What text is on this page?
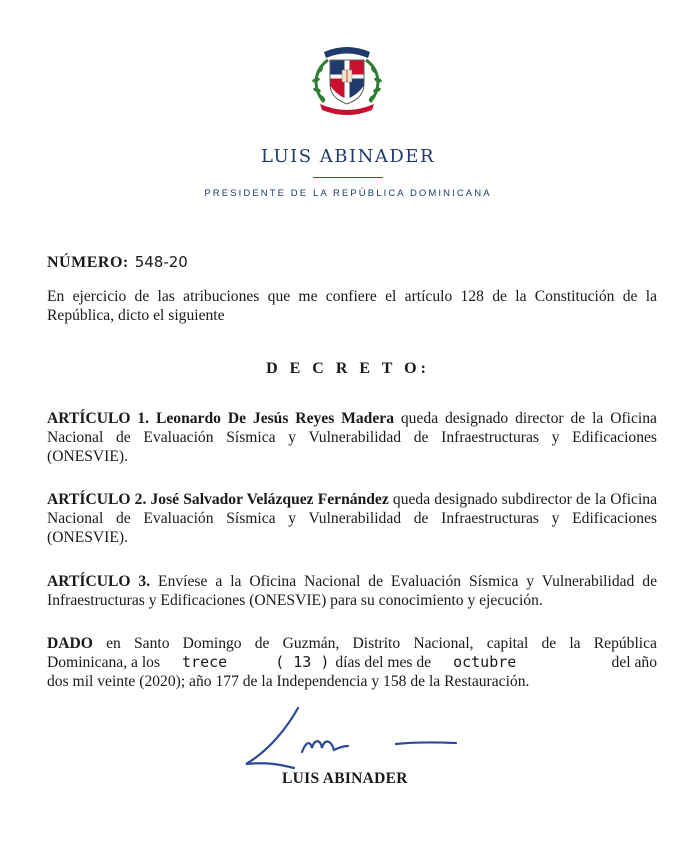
LUIS ABINADER
PRESIDENTE DE LA REPÚBLICA DOMINICANA
NÚMERO: 548-20
En ejercicio de las atribuciones que me confiere el artículo 128 de la Constitución de la República, dicto el siguiente
D E C R E T O:
ARTÍCULO 1. Leonardo De Jesús Reyes Madera queda designado director de la Oficina Nacional de Evaluación Sísmica y Vulnerabilidad de Infraestructuras y Edificaciones (ONESVIE).
ARTÍCULO 2. José Salvador Velázquez Fernández queda designado subdirector de la Oficina Nacional de Evaluación Sísmica y Vulnerabilidad de Infraestructuras y Edificaciones (ONESVIE).
ARTÍCULO 3. Envíese a la Oficina Nacional de Evaluación Sísmica y Vulnerabilidad de Infraestructuras y Edificaciones (ONESVIE) para su conocimiento y ejecución.
DADO en Santo Domingo de Guzmán, Distrito Nacional, capital de la República
Dominicana, a los trece	( 13 ) días del mes de octubre	del año
dos mil veinte (2020); año 177 de la Independencia y 158 de la Restauración.
LUIS ABINADER
